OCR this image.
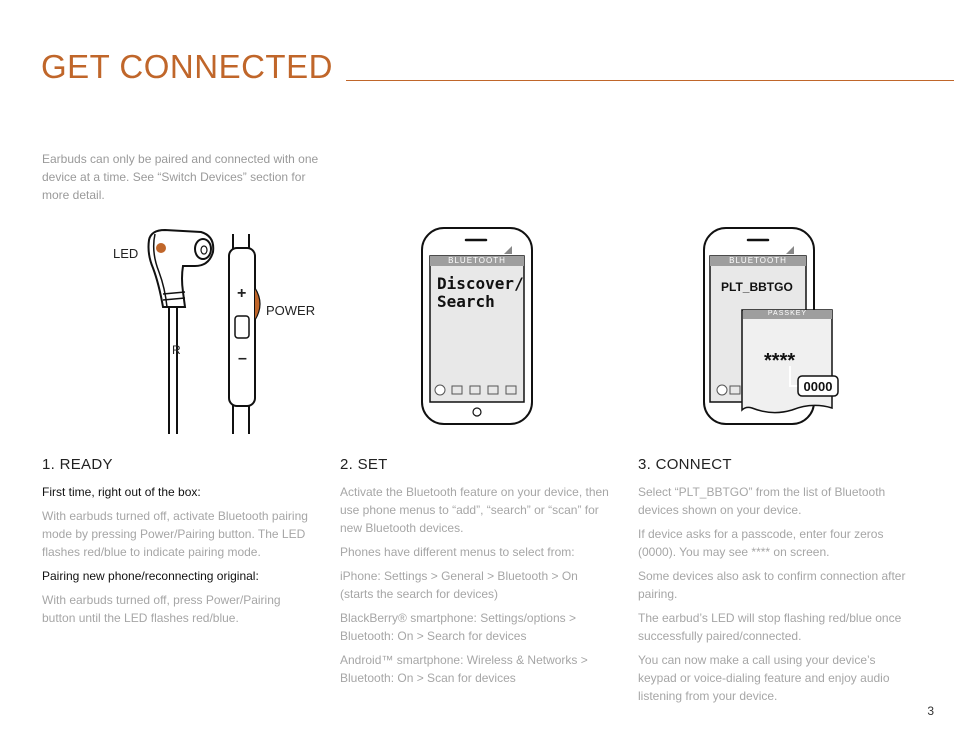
GET CONNECTED
Earbuds can only be paired and connected with one device at a time. See “Switch Devices” section for more detail.
LED
POWER
R
+
–
BLUETOOTH
Discover/
Search
BLUETOOTH
PLT_BBTGO
PASSKEY
****
0000
1. READY

First time, right out of the box:

With earbuds turned off, activate Bluetooth pairing mode by pressing Power/Pairing button. The LED flashes red/blue to indicate pairing mode.

Pairing new phone/reconnecting original:

With earbuds turned off, press Power/Pairing button until the LED flashes red/blue.

2. SET

Activate the Bluetooth feature on your device, then use phone menus to “add”, “search” or “scan” for new Bluetooth devices.

Phones have different menus to select from:

iPhone: Settings > General > Bluetooth > On (starts the search for devices)

BlackBerry® smartphone: Settings/options > Bluetooth: On > Search for devices

Android™ smartphone: Wireless & Networks > Bluetooth: On > Scan for devices

3. CONNECT

Select “PLT_BBTGO” from the list of Bluetooth devices shown on your device.

If device asks for a passcode, enter four zeros (0000). You may see **** on screen.

Some devices also ask to confirm connection after pairing.

The earbud’s LED will stop flashing red/blue once successfully paired/connected.

You can now make a call using your device’s keypad or voice-dialing feature and enjoy audio listening from your device.

3
